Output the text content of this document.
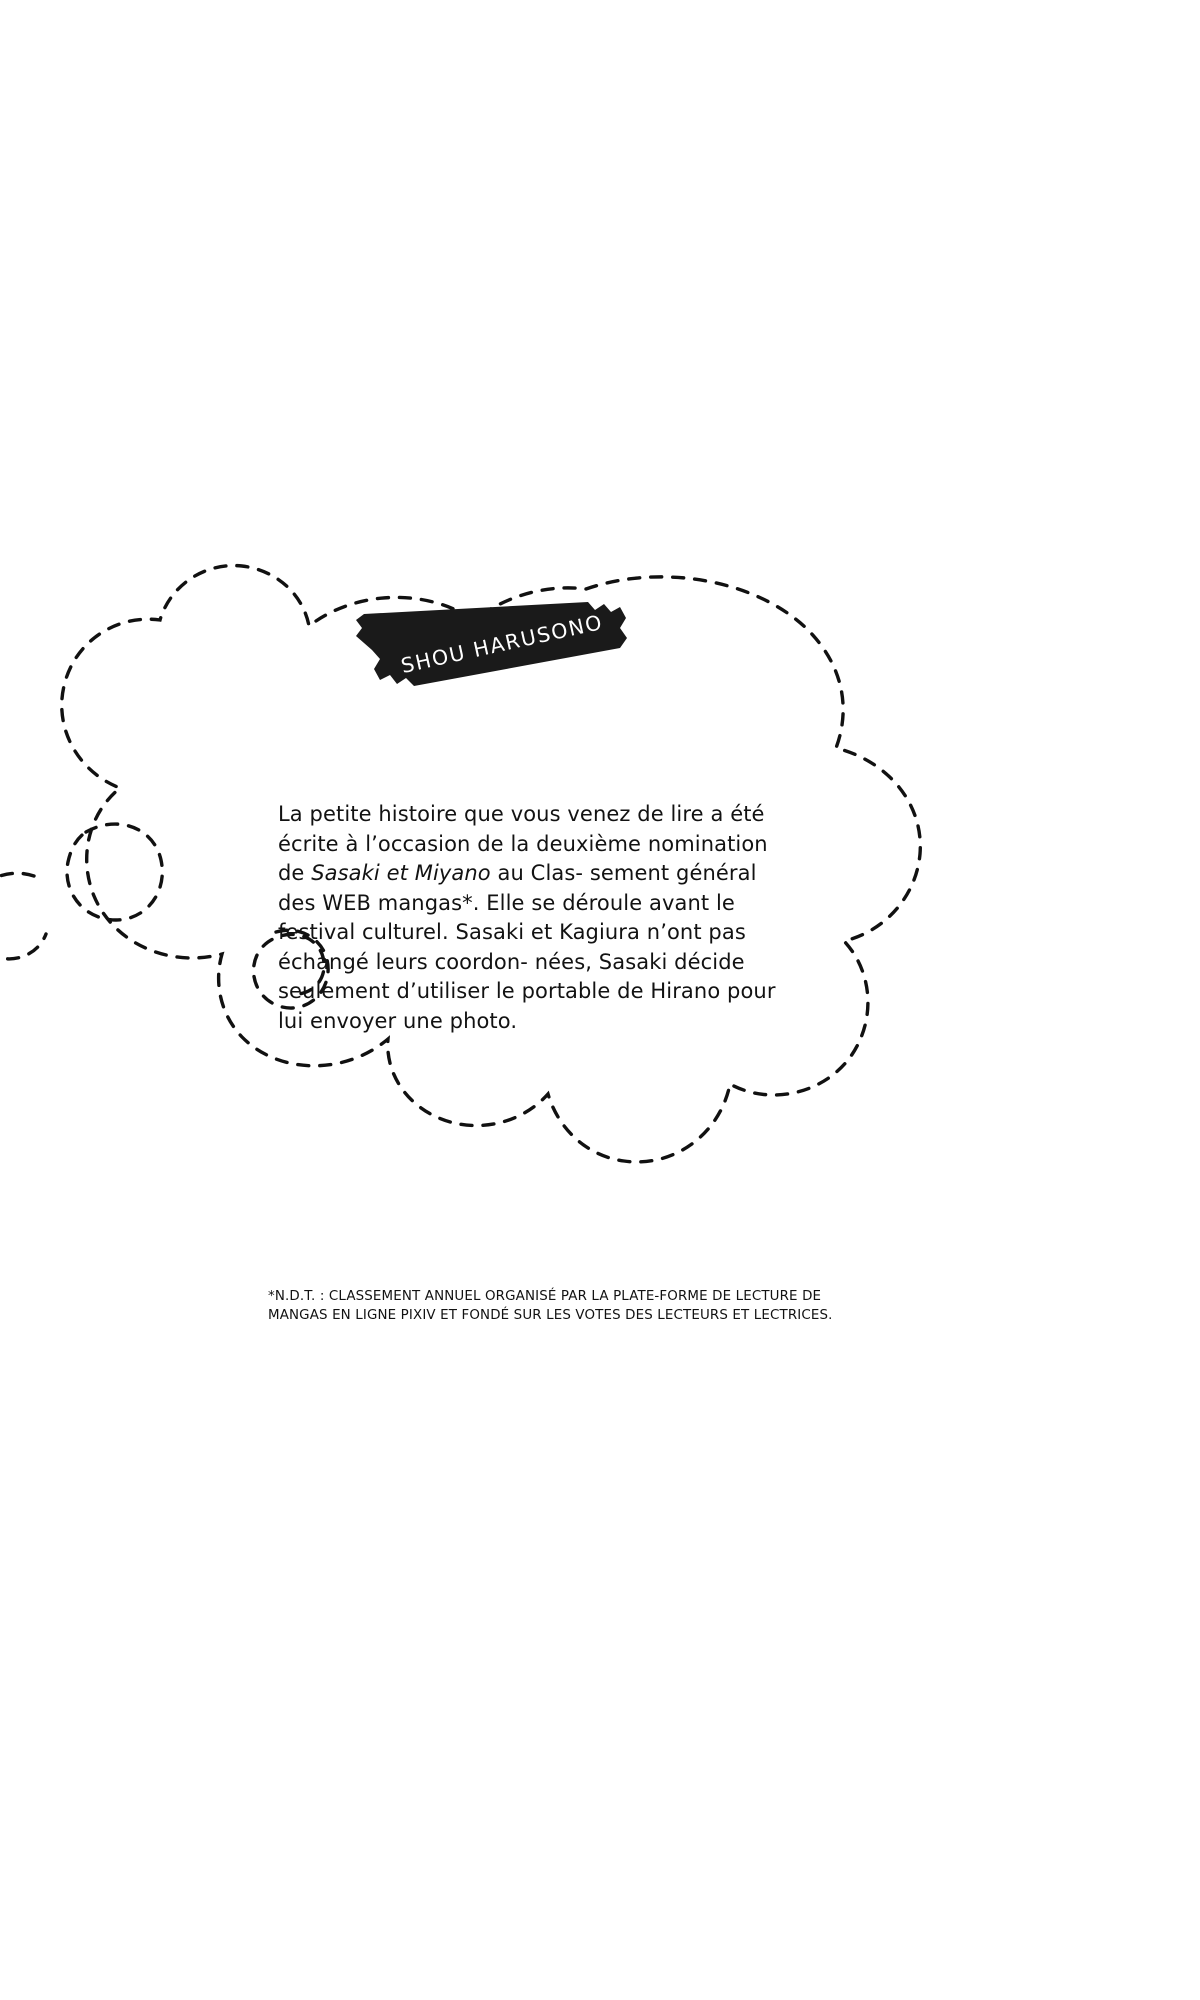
SHOU HARUSONO
La petite histoire que vous venez de lire a été écrite à l’occasion de la deuxième nomination de Sasaki et Miyano au Clas- sement général des WEB mangas*. Elle se déroule avant le festival culturel. Sasaki et Kagiura n’ont pas échangé leurs coordon- nées, Sasaki décide seulement d’utiliser le portable de Hirano pour lui envoyer une photo.
*N.D.T. : CLASSEMENT ANNUEL ORGANISÉ PAR LA PLATE-FORME DE LECTURE DE
MANGAS EN LIGNE PIXIV ET FONDÉ SUR LES VOTES DES LECTEURS ET LECTRICES.
